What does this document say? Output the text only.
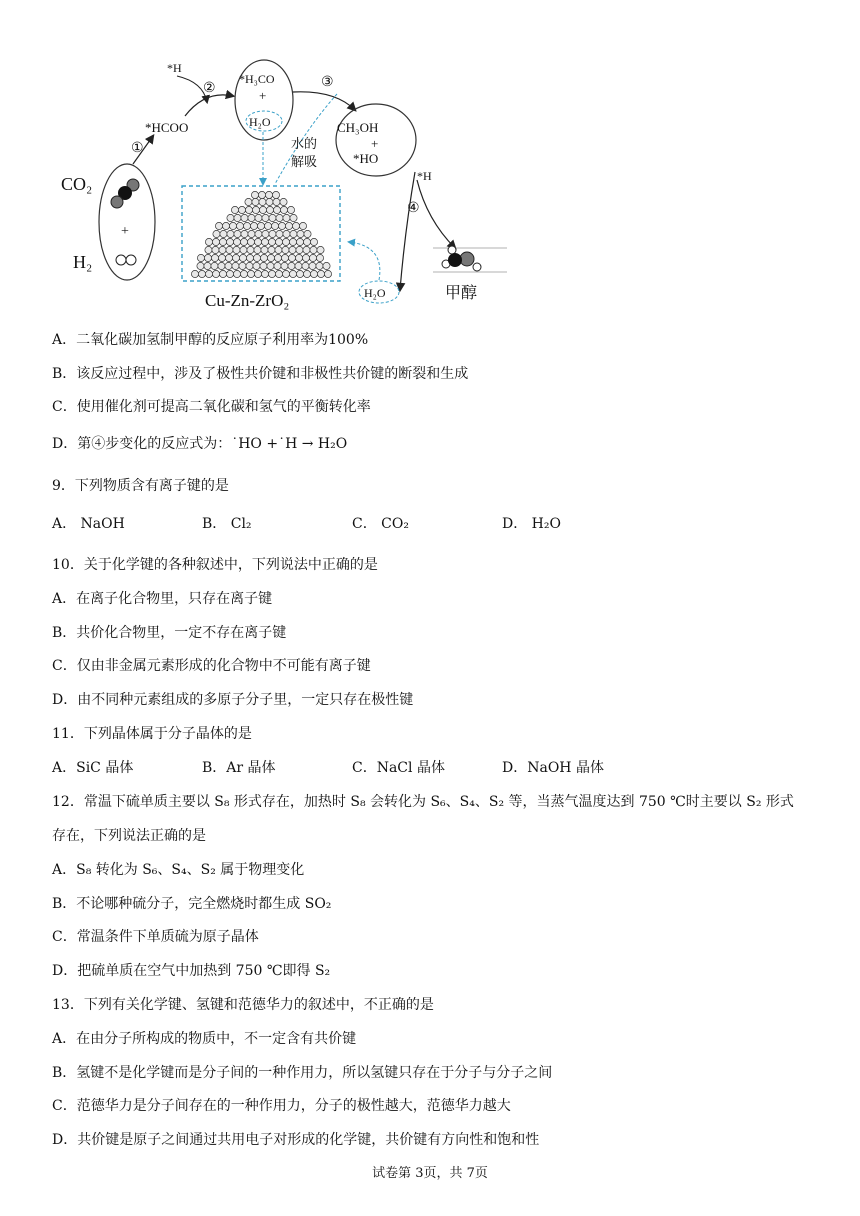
CO₂
H₂
+
①
*HCOO
*H
②
*H₃CO
+
H₂O
③
水的
解吸
CH₃OH
+
*HO
*H
④
Cu-Zn-ZrO₂	H₂O	甲醇
A．二氧化碳加氢制甲醇的反应原子利用率为100%
B．该反应过程中，涉及了极性共价键和非极性共价键的断裂和生成
C．使用催化剂可提高二氧化碳和氢气的平衡转化率
D．第④步变化的反应式为：˙HO +˙H → H₂O
9．下列物质含有离子键的是
A． NaOH	B． Cl₂	C． CO₂	D． H₂O
10．关于化学键的各种叙述中，下列说法中正确的是
A．在离子化合物里，只存在离子键
B．共价化合物里，一定不存在离子键
C．仅由非金属元素形成的化合物中不可能有离子键
D．由不同种元素组成的多原子分子里，一定只存在极性键
11．下列晶体属于分子晶体的是
A．SiC 晶体	B．Ar 晶体	C．NaCl 晶体	D．NaOH 晶体
12．常温下硫单质主要以 S₈ 形式存在，加热时 S₈ 会转化为 S₆、S₄、S₂ 等，当蒸气温度达到 750 ℃时主要以 S₂ 形式
存在，下列说法正确的是
A．S₈ 转化为 S₆、S₄、S₂ 属于物理变化
B．不论哪种硫分子，完全燃烧时都生成 SO₂
C．常温条件下单质硫为原子晶体
D．把硫单质在空气中加热到 750 ℃即得 S₂
13．下列有关化学键、氢键和范德华力的叙述中，不正确的是
A．在由分子所构成的物质中，不一定含有共价键
B．氢键不是化学键而是分子间的一种作用力，所以氢键只存在于分子与分子之间
C．范德华力是分子间存在的一种作用力，分子的极性越大，范德华力越大
D．共价键是原子之间通过共用电子对形成的化学键，共价键有方向性和饱和性
试卷第 3页，共 7页
